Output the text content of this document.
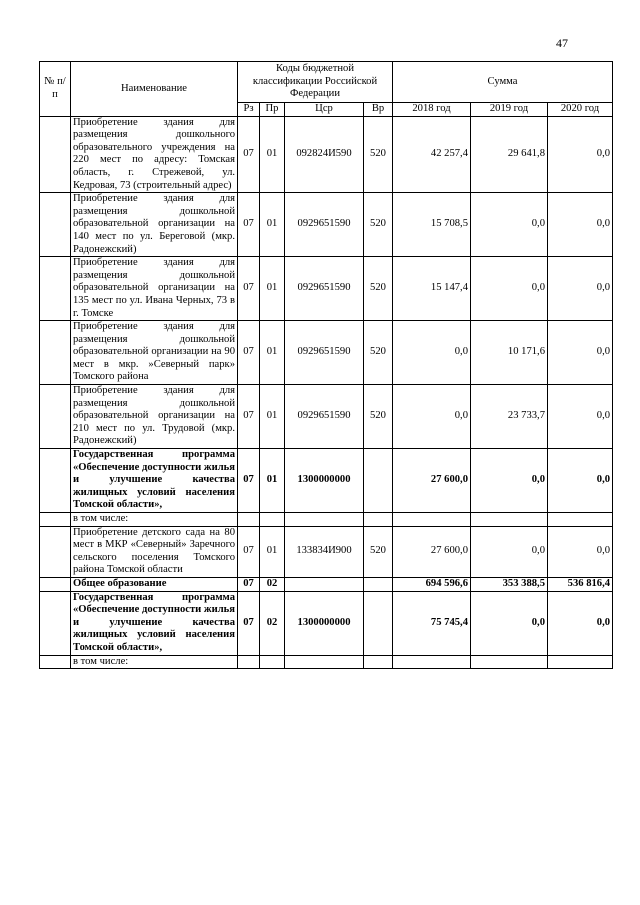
47
№ п/п	Наименование	Коды бюджетной классификации Российской Федерации				Сумма		
		Рз	Пр	Цср	Вр	2018 год	2019 год	2020 год
	Приобретение здания для размещения дошкольного образовательного учреждения на 220 мест по адресу: Томская область, г. Стрежевой, ул. Кедровая, 73 (строительный адрес)	07	01	092824И590	520	42 257,4	29 641,8	0,0
	Приобретение здания для размещения дошкольной образовательной организации на 140 мест по ул. Береговой (мкр. Радонежский)	07	01	0929651590	520	15 708,5	0,0	0,0
	Приобретение здания для размещения дошкольной образовательной организации на 135 мест по ул. Ивана Черных, 73 в г. Томске	07	01	0929651590	520	15 147,4	0,0	0,0
	Приобретение здания для размещения дошкольной образовательной организации на 90 мест в мкр. »Северный парк» Томского района	07	01	0929651590	520	0,0	10 171,6	0,0
	Приобретение здания для размещения дошкольной образовательной организации на 210 мест по ул. Трудовой (мкр. Радонежский)	07	01	0929651590	520	0,0	23 733,7	0,0
	Государственная программа «Обеспечение доступности жилья и улучшение качества жилищных условий населения Томской области»,	07	01	1300000000		27 600,0	0,0	0,0
	в том числе:							
	Приобретение детского сада на 80 мест в МКР «Северный» Заречного сельского поселения Томского района Томской области	07	01	133834И900	520	27 600,0	0,0	0,0
	Общее образование	07	02			694 596,6	353 388,5	536 816,4
	Государственная программа «Обеспечение доступности жилья и улучшение качества жилищных условий населения Томской области»,	07	02	1300000000		75 745,4	0,0	0,0
	в том числе:							
